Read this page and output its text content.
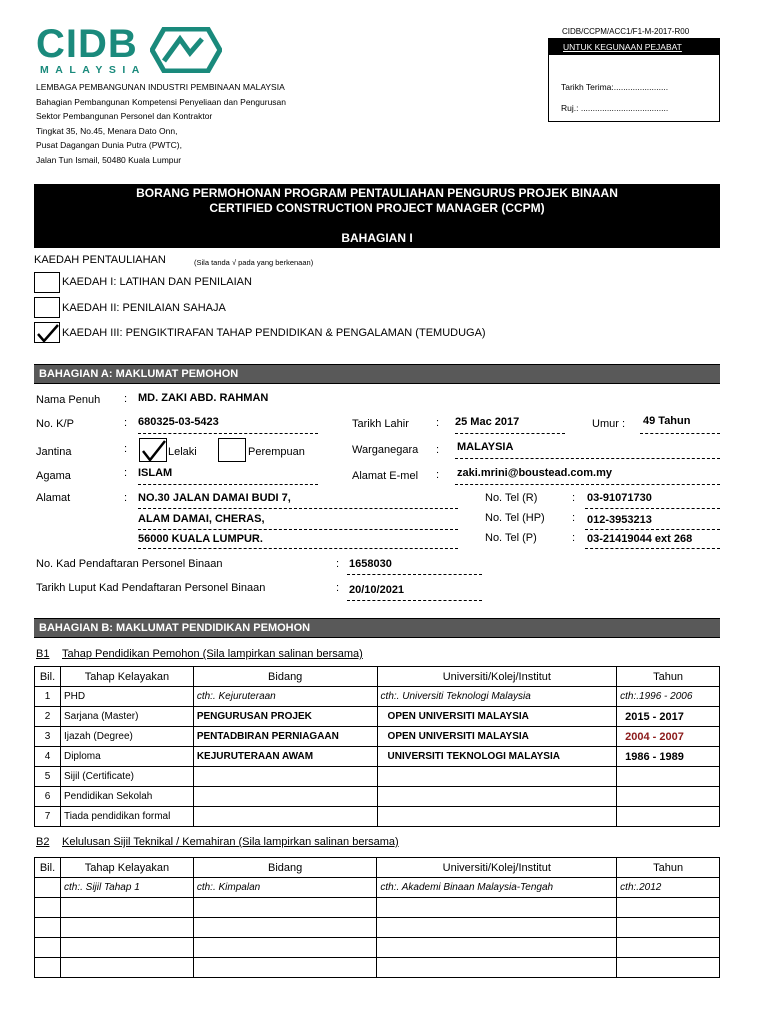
CIDB/CCPM/ACC1/F1-M-2017-R00
CIDB
MALAYSIA
LEMBAGA PEMBANGUNAN INDUSTRI PEMBINAAN MALAYSIA
Bahagian Pembangunan Kompetensi Penyeliaan dan Pengurusan
Sektor Pembangunan Personel dan Kontraktor
Tingkat 35, No.45, Menara Dato Onn,
Pusat Dagangan Dunia Putra (PWTC),
Jalan Tun Ismail, 50480 Kuala Lumpur
UNTUK KEGUNAAN PEJABAT
Tarikh Terima:.......................
Ruj.: .....................................
BORANG PERMOHONAN PROGRAM PENTAULIAHAN PENGURUS PROJEK BINAAN
CERTIFIED CONSTRUCTION PROJECT MANAGER (CCPM)
BAHAGIAN I
KAEDAH PENTAULIAHAN	(Sila tanda √ pada yang berkenaan)
KAEDAH I: LATIHAN DAN PENILAIAN
KAEDAH II: PENILAIAN SAHAJA
KAEDAH III: PENGIKTIRAFAN TAHAP PENDIDIKAN & PENGALAMAN (TEMUDUGA)
BAHAGIAN A: MAKLUMAT PEMOHON
Nama Penuh : MD. ZAKI ABD. RAHMAN
No. K/P	: 680325-03-5423	Tarikh Lahir : 25 Mac 2017	Umur : 49 Tahun
Jantina	:	Lelaki	Perempuan	Warganegara : MALAYSIA
Agama	: ISLAM	Alamat E-mel : zaki.mrini@boustead.com.my
Alamat	: NO.30 JALAN DAMAI BUDI 7,
ALAM DAMAI, CHERAS,
56000 KUALA LUMPUR.
No. Tel (R)	: 03-91071730
No. Tel (HP) : 012-3953213
No. Tel (P)	: 03-21419044 ext 268
No. Kad Pendaftaran Personel Binaan	: 1658030
Tarikh Luput Kad Pendaftaran Personel Binaan	: 20/10/2021
BAHAGIAN B: MAKLUMAT PENDIDIKAN PEMOHON
B1 Tahap Pendidikan Pemohon (Sila lampirkan salinan bersama)
Bil.	Tahap Kelayakan	Bidang	Universiti/Kolej/Institut	Tahun
1	PHD	cth:. Kejuruteraan	cth:. Universiti Teknologi Malaysia	cth:.1996 - 2006
2	Sarjana (Master)	PENGURUSAN PROJEK	OPEN UNIVERSITI MALAYSIA	2015 - 2017
3	Ijazah (Degree)	PENTADBIRAN PERNIAGAAN	OPEN UNIVERSITI MALAYSIA	2004 - 2007
4	Diploma	KEJURUTERAAN AWAM	UNIVERSITI TEKNOLOGI MALAYSIA	1986 - 1989
5	Sijil (Certificate)			
6	Pendidikan Sekolah			
7	Tiada pendidikan formal			
B2 Kelulusan Sijil Teknikal / Kemahiran (Sila lampirkan salinan bersama)
Bil.	Tahap Kelayakan	Bidang	Universiti/Kolej/Institut	Tahun
	cth:. Sijil Tahap 1	cth:. Kimpalan	cth:. Akademi Binaan Malaysia-Tengah	cth:.2012
